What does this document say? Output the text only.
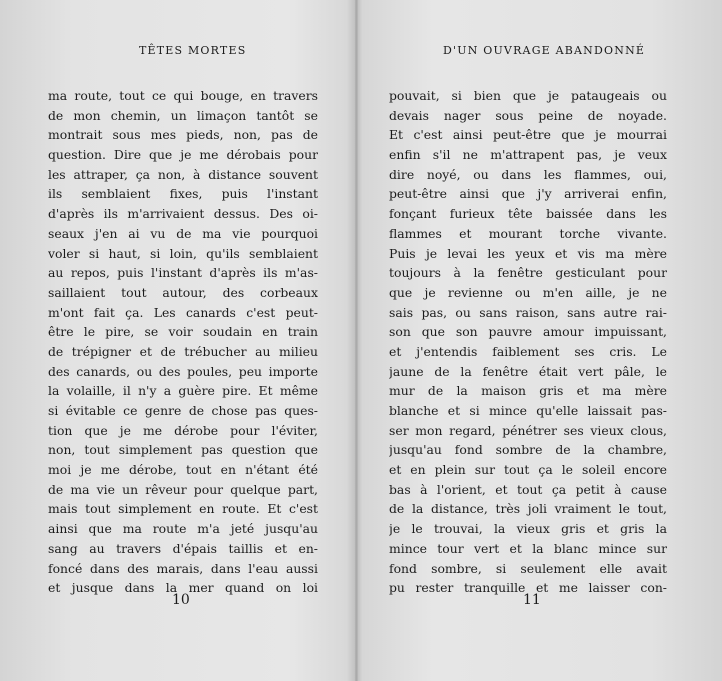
TÊTES MORTES
ma route, tout ce qui bouge, en travers
de mon chemin, un limaçon tantôt se
montrait sous mes pieds, non, pas de
question. Dire que je me dérobais pour
les attraper, ça non, à distance souvent
ils semblaient fixes, puis l'instant
d'après ils m'arrivaient dessus. Des oi-
seaux j'en ai vu de ma vie pourquoi
voler si haut, si loin, qu'ils semblaient
au repos, puis l'instant d'après ils m'as-
saillaient tout autour, des corbeaux
m'ont fait ça. Les canards c'est peut-
être le pire, se voir soudain en train
de trépigner et de trébucher au milieu
des canards, ou des poules, peu importe
la volaille, il n'y a guère pire. Et même
si évitable ce genre de chose pas ques-
tion que je me dérobe pour l'éviter,
non, tout simplement pas question que
moi je me dérobe, tout en n'étant été
de ma vie un rêveur pour quelque part,
mais tout simplement en route. Et c'est
ainsi que ma route m'a jeté jusqu'au
sang au travers d'épais taillis et en-
foncé dans des marais, dans l'eau aussi
et jusque dans la mer quand on loi
10
D'UN OUVRAGE ABANDONNÉ
pouvait, si bien que je pataugeais ou
devais nager sous peine de noyade.
Et c'est ainsi peut-être que je mourrai
enfin s'il ne m'attrapent pas, je veux
dire noyé, ou dans les flammes, oui,
peut-être ainsi que j'y arriverai enfin,
fonçant furieux tête baissée dans les
flammes et mourant torche vivante.
Puis je levai les yeux et vis ma mère
toujours à la fenêtre gesticulant pour
que je revienne ou m'en aille, je ne
sais pas, ou sans raison, sans autre rai-
son que son pauvre amour impuissant,
et j'entendis faiblement ses cris. Le
jaune de la fenêtre était vert pâle, le
mur de la maison gris et ma mère
blanche et si mince qu'elle laissait pas-
ser mon regard, pénétrer ses vieux clous,
jusqu'au fond sombre de la chambre,
et en plein sur tout ça le soleil encore
bas à l'orient, et tout ça petit à cause
de la distance, très joli vraiment le tout,
je le trouvai, la vieux gris et gris la
mince tour vert et la blanc mince sur
fond sombre, si seulement elle avait
pu rester tranquille et me laisser con-
11
